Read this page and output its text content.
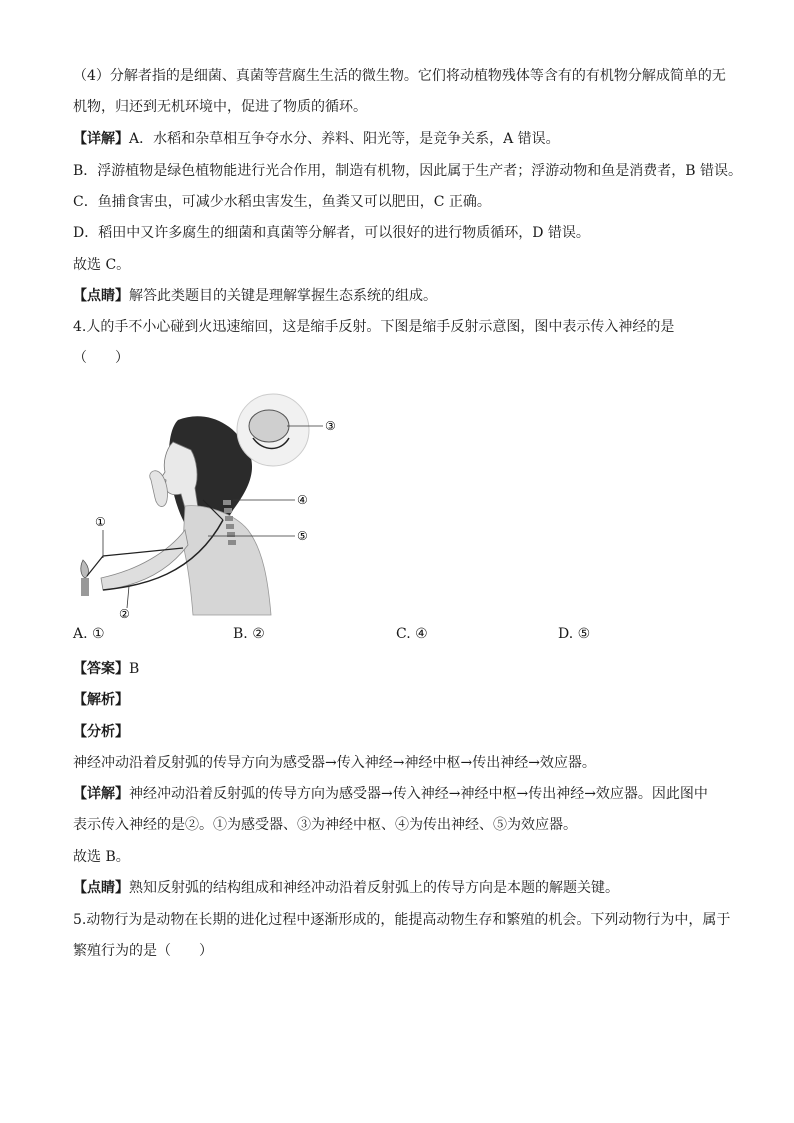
（4）分解者指的是细菌、真菌等营腐生生活的微生物。它们将动植物残体等含有的有机物分解成简单的无
机物，归还到无机环境中，促进了物质的循环。
【详解】A．水稻和杂草相互争夺水分、养料、阳光等，是竞争关系，A 错误。
B．浮游植物是绿色植物能进行光合作用，制造有机物，因此属于生产者；浮游动物和鱼是消费者，B 错误。
C．鱼捕食害虫，可减少水稻虫害发生，鱼粪又可以肥田，C 正确。
D．稻田中又许多腐生的细菌和真菌等分解者，可以很好的进行物质循环，D 错误。
故选 C。
【点睛】解答此类题目的关键是理解掌握生态系统的组成。
4.人的手不小心碰到火迅速缩回，这是缩手反射。下图是缩手反射示意图，图中表示传入神经的是
（　　）
③
④
⑤
①
②
A. ①	B. ②	C. ④	D. ⑤
【答案】B
【解析】
【分析】
神经冲动沿着反射弧的传导方向为感受器→传入神经→神经中枢→传出神经→效应器。
【详解】神经冲动沿着反射弧的传导方向为感受器→传入神经→神经中枢→传出神经→效应器。因此图中
表示传入神经的是②。①为感受器、③为神经中枢、④为传出神经、⑤为效应器。
故选 B。
【点睛】熟知反射弧的结构组成和神经冲动沿着反射弧上的传导方向是本题的解题关键。
5.动物行为是动物在长期的进化过程中逐渐形成的，能提高动物生存和繁殖的机会。下列动物行为中，属于
繁殖行为的是（　　）
